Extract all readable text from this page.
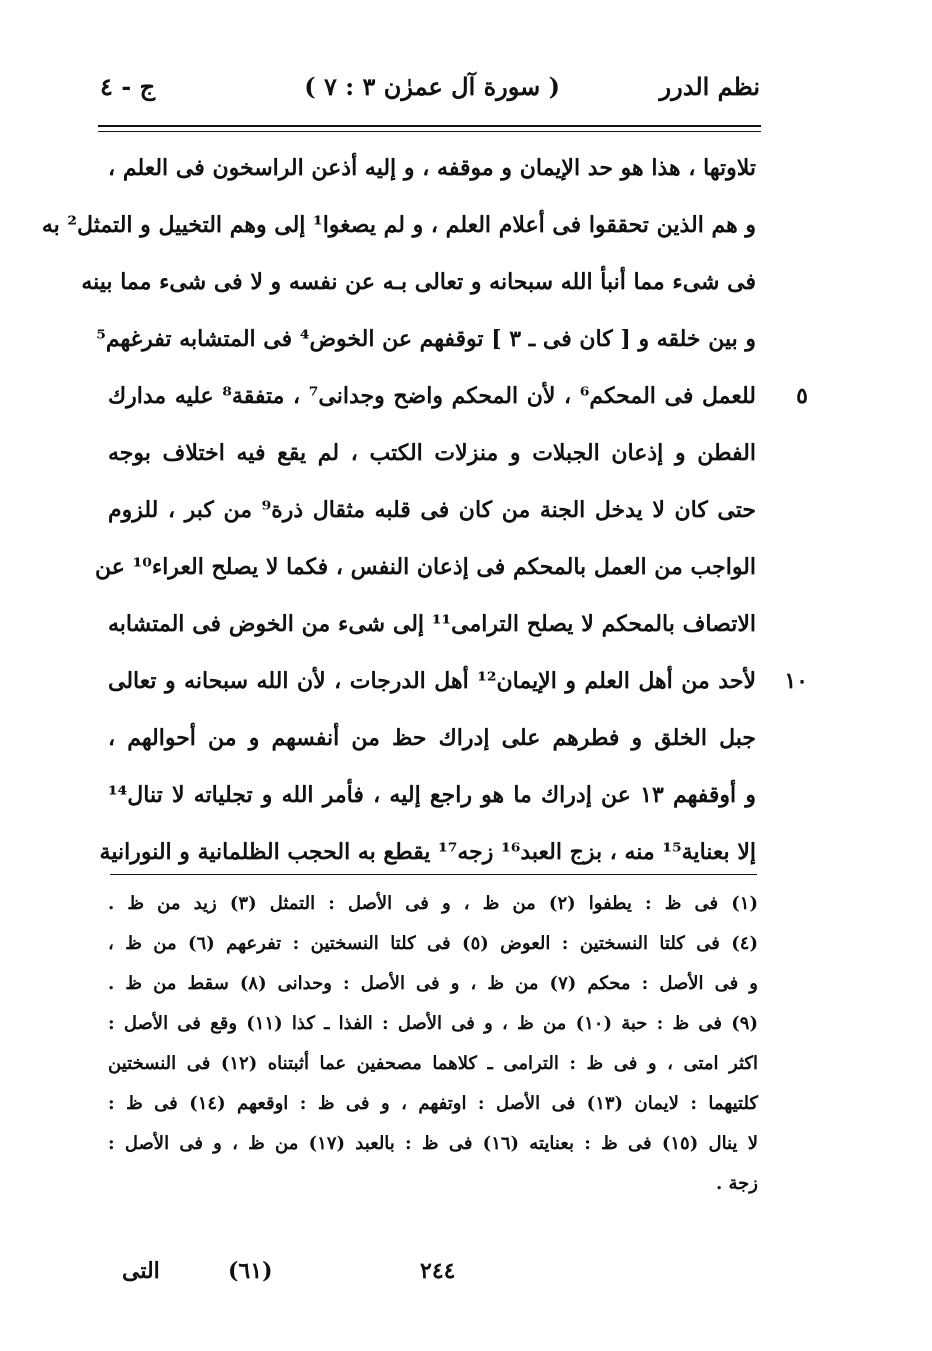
نظم الدرر
( سورة آل عمرٰن ٣ : ٧ )
ج - ٤
تلاوتها ، هذا هو حد الإيمان و موقفه ، و إليه أذعن الراسخون فى العلم ،
و هم الذين تحققوا فى أعلام العلم ، و لم يصغوا¹ إلى وهم التخييل و التمثل² به
فى شىء مما أنبأ الله سبحانه و تعالى بـه عن نفسه و لا فى شىء مما بينه
و بين خلقه و [ كان فى ـ ٣ ] توقفهم عن الخوض⁴ فى المتشابه تفرغهم⁵
٥
للعمل فى المحكم⁶ ، لأن المحكم واضح وجدانى⁷ ، متفقة⁸ عليه مدارك
الفطن و إذعان الجبلات و منزلات الكتب ، لم يقع فيه اختلاف بوجه
حتى كان لا يدخل الجنة من كان فى قلبه مثقال ذرة⁹ من كبر ، للزوم
الواجب من العمل بالمحكم فى إذعان النفس ، فكما لا يصلح العراء¹⁰ عن
الاتصاف بالمحكم لا يصلح الترامى¹¹ إلى شىء من الخوض فى المتشابه
١٠
لأحد من أهل العلم و الإيمان¹² أهل الدرجات ، لأن الله سبحانه و تعالى
جبل الخلق و فطرهم على إدراك حظ من أنفسهم و من أحوالهم ،
و أوقفهم ١٣ عن إدراك ما هو راجع إليه ، فأمر الله و تجلياته لا تنال¹⁴
إلا بعناية¹⁵ منه ، بزج العبد¹⁶ زجه¹⁷ يقطع به الحجب الظلمانية و النورانية
(١) فى ظ : يطفوا (٢) من ظ ، و فى الأصل : التمثل (٣) زيد من ظ .
(٤) فى كلتا النسختين : العوض (٥) فى كلتا النسختين : تفرعهم (٦) من ظ ،
و فى الأصل : محكم (٧) من ظ ، و فى الأصل : وحدانى (٨) سقط من ظ .
(٩) فى ظ : حبة (١٠) من ظ ، و فى الأصل : الفذا ـ كذا (١١) وقع فى الأصل :
اكثر امتى ، و فى ظ : الترامى ـ كلاهما مصحفين عما أثبتناه (١٢) فى النسختين
كلتيهما : لايمان (١٣) فى الأصل : اوتفهم ، و فى ظ : اوقعهم (١٤) فى ظ :
لا ينال (١٥) فى ظ : بعنايته (١٦) فى ظ : بالعبد (١٧) من ظ ، و فى الأصل :
زجة .
التى	(٦١)	٢٤٤
